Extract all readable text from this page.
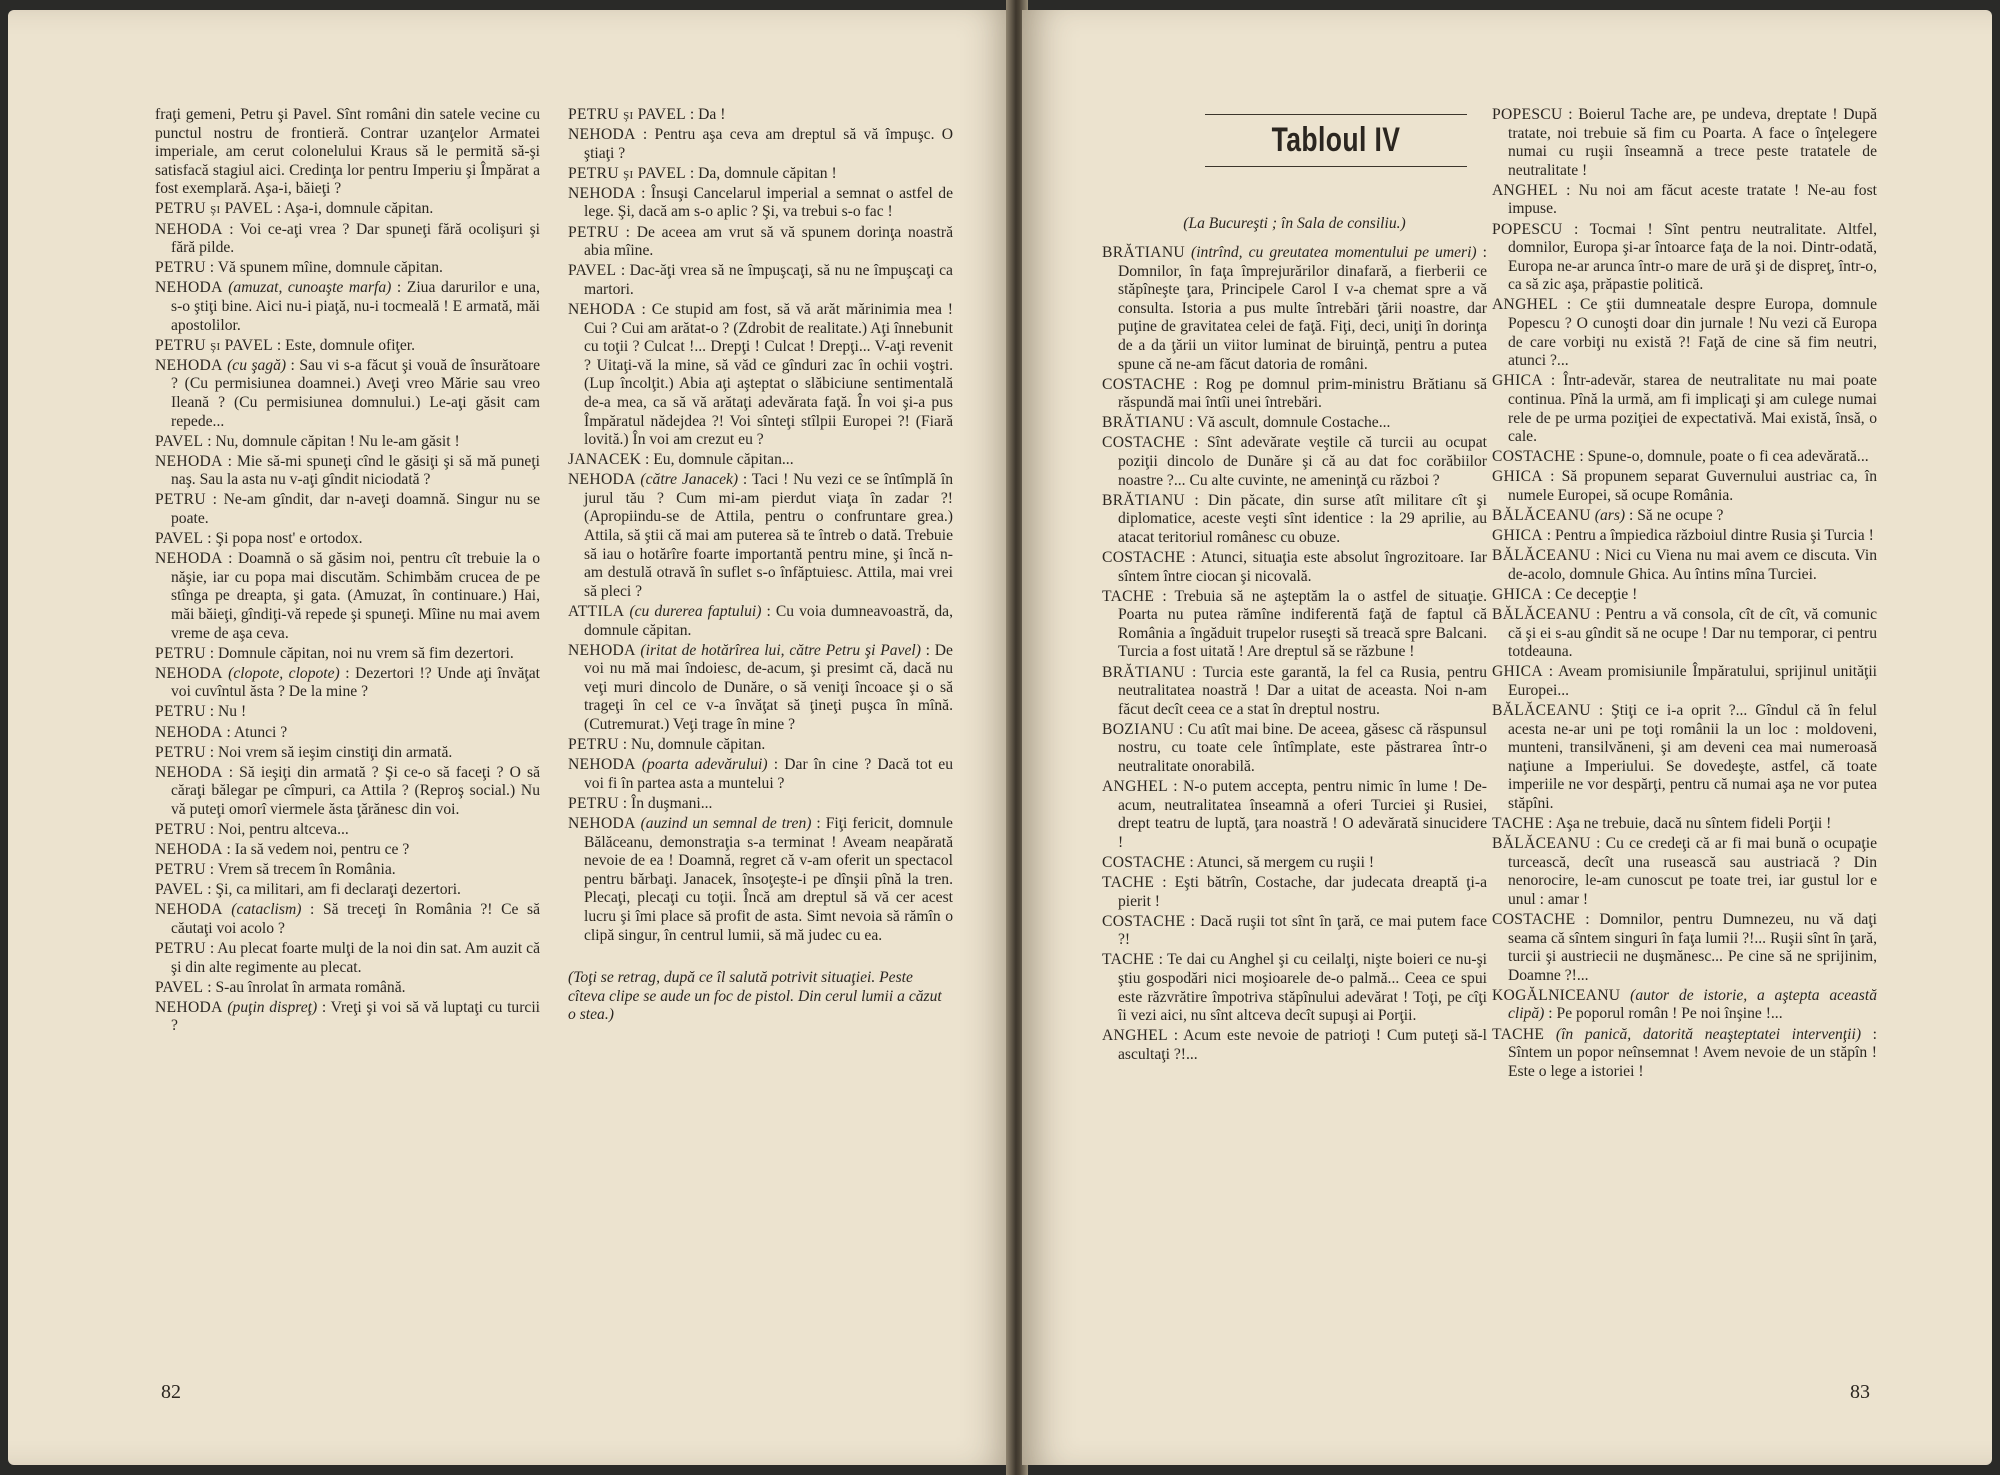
fraţi gemeni, Petru şi Pavel. Sînt români din satele vecine cu punctul nostru de frontieră. Contrar uzanţelor Armatei imperiale, am cerut colonelului Kraus să le permită să-şi satisfacă stagiul aici. Credinţa lor pentru Imperiu şi Împărat a fost exemplară. Aşa-i, băieţi ?

PETRU şi PAVEL : Aşa-i, domnule căpitan.

NEHODA : Voi ce-aţi vrea ? Dar spuneţi fără ocolişuri şi fără pilde.

PETRU : Vă spunem mîine, domnule căpitan.

NEHODA (amuzat, cunoaşte marfa) : Ziua darurilor e una, s-o ştiţi bine. Aici nu-i piaţă, nu-i tocmeală ! E armată, măi apostolilor.

PETRU şi PAVEL : Este, domnule ofiţer.

NEHODA (cu şagă) : Sau vi s-a făcut şi vouă de însurătoare ? (Cu permisiunea doamnei.) Aveţi vreo Mărie sau vreo Ileană ? (Cu permisiunea domnului.) Le-aţi găsit cam repede...

PAVEL : Nu, domnule căpitan ! Nu le-am găsit !

NEHODA : Mie să-mi spuneţi cînd le găsiţi şi să mă puneţi naş. Sau la asta nu v-aţi gîndit niciodată ?

PETRU : Ne-am gîndit, dar n-aveţi doamnă. Singur nu se poate.

PAVEL : Şi popa nost' e ortodox.

NEHODA : Doamnă o să găsim noi, pentru cît trebuie la o năşie, iar cu popa mai discutăm. Schimbăm crucea de pe stînga pe dreapta, şi gata. (Amuzat, în continuare.) Hai, măi băieţi, gîndiţi-vă repede şi spuneţi. Mîine nu mai avem vreme de aşa ceva.

PETRU : Domnule căpitan, noi nu vrem să fim dezertori.

NEHODA (clopote, clopote) : Dezertori !? Unde aţi învăţat voi cuvîntul ăsta ? De la mine ?

PETRU : Nu !

NEHODA : Atunci ?

PETRU : Noi vrem să ieşim cinstiţi din armată.

NEHODA : Să ieşiţi din armată ? Şi ce-o să faceţi ? O să căraţi bălegar pe cîmpuri, ca Attila ? (Reproş social.) Nu vă puteţi omorî viermele ăsta ţărănesc din voi.

PETRU : Noi, pentru altceva...

NEHODA : Ia să vedem noi, pentru ce ?

PETRU : Vrem să trecem în România.

PAVEL : Şi, ca militari, am fi declaraţi dezertori.

NEHODA (cataclism) : Să treceţi în România ?! Ce să căutaţi voi acolo ?

PETRU : Au plecat foarte mulţi de la noi din sat. Am auzit că şi din alte regimente au plecat.

PAVEL : S-au înrolat în armata română.

NEHODA (puţin dispreţ) : Vreţi şi voi să vă luptaţi cu turcii ?

PETRU şi PAVEL : Da !

NEHODA : Pentru aşa ceva am dreptul să vă împuşc. O ştiaţi ?

PETRU şi PAVEL : Da, domnule căpitan !

NEHODA : Însuşi Cancelarul imperial a semnat o astfel de lege. Şi, dacă am s-o aplic ? Şi, va trebui s-o fac !

PETRU : De aceea am vrut să vă spunem dorinţa noastră abia mîine.

PAVEL : Dac-ăţi vrea să ne împuşcaţi, să nu ne împuşcaţi ca martori.

NEHODA : Ce stupid am fost, să vă arăt mărinimia mea ! Cui ? Cui am arătat-o ? (Zdrobit de realitate.) Aţi înnebunit cu toţii ? Culcat !... Drepţi ! Culcat ! Drepţi... V-aţi revenit ? Uitaţi-vă la mine, să văd ce gînduri zac în ochii voştri. (Lup încolţit.) Abia aţi aşteptat o slăbiciune sentimentală de-a mea, ca să vă arătaţi adevărata faţă. În voi şi-a pus Împăratul nădejdea ?! Voi sînteţi stîlpii Europei ?! (Fiară lovită.) În voi am crezut eu ?

JANACEK : Eu, domnule căpitan...

NEHODA (către Janacek) : Taci ! Nu vezi ce se întîmplă în jurul tău ? Cum mi-am pierdut viaţa în zadar ?! (Apropiindu-se de Attila, pentru o confruntare grea.) Attila, să ştii că mai am puterea să te întreb o dată. Trebuie să iau o hotărîre foarte importantă pentru mine, şi încă n-am destulă otravă în suflet s-o înfăptuiesc. Attila, mai vrei să pleci ?

ATTILA (cu durerea faptului) : Cu voia dumneavoastră, da, domnule căpitan.

NEHODA (iritat de hotărîrea lui, către Petru şi Pavel) : De voi nu mă mai îndoiesc, de-acum, şi presimt că, dacă nu veţi muri dincolo de Dunăre, o să veniţi încoace şi o să trageţi în cel ce v-a învăţat să ţineţi puşca în mînă. (Cutremurat.) Veţi trage în mine ?

PETRU : Nu, domnule căpitan.

NEHODA (poarta adevărului) : Dar în cine ? Dacă tot eu voi fi în partea asta a muntelui ?

PETRU : În duşmani...

NEHODA (auzind un semnal de tren) : Fiţi fericit, domnule Bălăceanu, demonstraţia s-a terminat ! Aveam neapărată nevoie de ea ! Doamnă, regret că v-am oferit un spectacol pentru bărbaţi. Janacek, însoţeşte-i pe dînşii pînă la tren. Plecaţi, plecaţi cu toţii. Încă am dreptul să vă cer acest lucru şi îmi place să profit de asta. Simt nevoia să rămîn o clipă singur, în centrul lumii, să mă judec cu ea.

(Toţi se retrag, după ce îl salută potrivit situaţiei. Peste cîteva clipe se aude un foc de pistol. Din cerul lumii a căzut o stea.)

82
Tabloul IV
(La Bucureşti ; în Sala de consiliu.)

BRĂTIANU (intrînd, cu greutatea momentului pe umeri) : Domnilor, în faţa împrejurărilor dinafară, a fierberii ce stăpîneşte ţara, Principele Carol I v-a chemat spre a vă consulta. Istoria a pus multe întrebări ţării noastre, dar puţine de gravitatea celei de faţă. Fiţi, deci, uniţi în dorinţa de a da ţării un viitor luminat de biruinţă, pentru a putea spune că ne-am făcut datoria de români.

COSTACHE : Rog pe domnul prim-ministru Brătianu să răspundă mai întîi unei întrebări.

BRĂTIANU : Vă ascult, domnule Costache...

COSTACHE : Sînt adevărate veştile că turcii au ocupat poziţii dincolo de Dunăre şi că au dat foc corăbiilor noastre ?... Cu alte cuvinte, ne ameninţă cu război ?

BRĂTIANU : Din păcate, din surse atît militare cît şi diplomatice, aceste veşti sînt identice : la 29 aprilie, au atacat teritoriul românesc cu obuze.

COSTACHE : Atunci, situaţia este absolut îngrozitoare. Iar sîntem între ciocan şi nicovală.

TACHE : Trebuia să ne aşteptăm la o astfel de situaţie. Poarta nu putea rămîne indiferentă faţă de faptul că România a îngăduit trupelor ruseşti să treacă spre Balcani. Turcia a fost uitată ! Are dreptul să se răzbune !

BRĂTIANU : Turcia este garantă, la fel ca Rusia, pentru neutralitatea noastră ! Dar a uitat de aceasta. Noi n-am făcut decît ceea ce a stat în dreptul nostru.

BOZIANU : Cu atît mai bine. De aceea, găsesc că răspunsul nostru, cu toate cele întîmplate, este păstrarea într-o neutralitate onorabilă.

ANGHEL : N-o putem accepta, pentru nimic în lume ! De-acum, neutralitatea înseamnă a oferi Turciei şi Rusiei, drept teatru de luptă, ţara noastră ! O adevărată sinucidere !

COSTACHE : Atunci, să mergem cu ruşii !

TACHE : Eşti bătrîn, Costache, dar judecata dreaptă ţi-a pierit !

COSTACHE : Dacă ruşii tot sînt în ţară, ce mai putem face ?!

TACHE : Te dai cu Anghel şi cu ceilalţi, nişte boieri ce nu-şi ştiu gospodări nici moşioarele de-o palmă... Ceea ce spui este răzvrătire împotriva stăpînului adevărat ! Toţi, pe cîţi îi vezi aici, nu sînt altceva decît supuşi ai Porţii.

ANGHEL : Acum este nevoie de patrioţi ! Cum puteţi să-l ascultaţi ?!...

POPESCU : Boierul Tache are, pe undeva, dreptate ! După tratate, noi trebuie să fim cu Poarta. A face o înţelegere numai cu ruşii înseamnă a trece peste tratatele de neutralitate !

ANGHEL : Nu noi am făcut aceste tratate ! Ne-au fost impuse.

POPESCU : Tocmai ! Sînt pentru neutralitate. Altfel, domnilor, Europa şi-ar întoarce faţa de la noi. Dintr-odată, Europa ne-ar arunca într-o mare de ură şi de dispreţ, într-o, ca să zic aşa, prăpastie politică.

ANGHEL : Ce ştii dumneatale despre Europa, domnule Popescu ? O cunoşti doar din jurnale ! Nu vezi că Europa de care vorbiţi nu există ?! Faţă de cine să fim neutri, atunci ?...

GHICA : Într-adevăr, starea de neutralitate nu mai poate continua. Pînă la urmă, am fi implicaţi şi am culege numai rele de pe urma poziţiei de expectativă. Mai există, însă, o cale.

COSTACHE : Spune-o, domnule, poate o fi cea adevărată...

GHICA : Să propunem separat Guvernului austriac ca, în numele Europei, să ocupe România.

BĂLĂCEANU (ars) : Să ne ocupe ?

GHICA : Pentru a împiedica războiul dintre Rusia şi Turcia !

BĂLĂCEANU : Nici cu Viena nu mai avem ce discuta. Vin de-acolo, domnule Ghica. Au întins mîna Turciei.

GHICA : Ce decepţie !

BĂLĂCEANU : Pentru a vă consola, cît de cît, vă comunic că şi ei s-au gîndit să ne ocupe ! Dar nu temporar, ci pentru totdeauna.

GHICA : Aveam promisiunile Împăratului, sprijinul unităţii Europei...

BĂLĂCEANU : Ştiţi ce i-a oprit ?... Gîndul că în felul acesta ne-ar uni pe toţi românii la un loc : moldoveni, munteni, transilvăneni, şi am deveni cea mai numeroasă naţiune a Imperiului. Se dovedeşte, astfel, că toate imperiile ne vor despărţi, pentru că numai aşa ne vor putea stăpîni.

TACHE : Aşa ne trebuie, dacă nu sîntem fideli Porţii !

BĂLĂCEANU : Cu ce credeţi că ar fi mai bună o ocupaţie turcească, decît una rusească sau austriacă ? Din nenorocire, le-am cunoscut pe toate trei, iar gustul lor e unul : amar !

COSTACHE : Domnilor, pentru Dumnezeu, nu vă daţi seama că sîntem singuri în faţa lumii ?!... Ruşii sînt în ţară, turcii şi austriecii ne duşmănesc... Pe cine să ne sprijinim, Doamne ?!...

KOGĂLNICEANU (autor de istorie, a aştepta această clipă) : Pe poporul român ! Pe noi înşine !...

TACHE (în panică, datorită neaşteptatei intervenţii) : Sîntem un popor neînsemnat ! Avem nevoie de un stăpîn ! Este o lege a istoriei !

83
